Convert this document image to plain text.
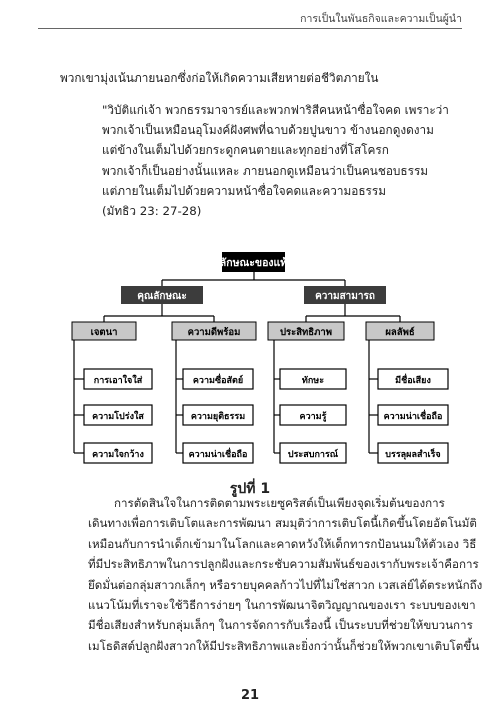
การเป็นในพันธกิจและความเป็นผู้นำ

พวกเขามุ่งเน้นภายนอกซึ่งก่อให้เกิดความเสียหายต่อชีวิตภายใน

"วิบัติแก่เจ้า พวกธรรมาจารย์และพวกฟาริสีคนหน้าซื่อใจคด เพราะว่า
พวกเจ้าเป็นเหมือนอุโมงค์ฝังศพที่ฉาบด้วยปูนขาว ข้างนอกดูงดงาม
แต่ข้างในเต็มไปด้วยกระดูกคนตายและทุกอย่างที่โสโครก
พวกเจ้าก็เป็นอย่างนั้นแหละ ภายนอกดูเหมือนว่าเป็นคนชอบธรรม
แต่ภายในเต็มไปด้วยความหน้าซื่อใจคดและความอธรรม
(มัทธิว 23: 27-28)
ลักษณะของแท้
คุณลักษณะ	ความสามารถ
เจตนา	ความดีพร้อม	ประสิทธิภาพ	ผลลัพธ์
การเอาใจใส่
ความโปร่งใส
ความใจกว้าง
ความซื่อสัตย์
ความยุติธรรม
ความน่าเชื่อถือ
ทักษะ
ความรู้
ประสบการณ์
มีชื่อเสียง
ความน่าเชื่อถือ
บรรลุผลสำเร็จ
รูปที่ 1
การตัดสินใจในการติดตามพระเยซูคริสต์เป็นเพียงจุดเริ่มต้นของการ
เดินทางเพื่อการเติบโตและการพัฒนา สมมุติว่าการเติบโตนี้เกิดขึ้นโดยอัตโนมัติ
เหมือนกับการนำเด็กเข้ามาในโลกและคาดหวังให้เด็กทารกป้อนนมให้ตัวเอง วิธี
ที่มีประสิทธิภาพในการปลูกฝังและกระชับความสัมพันธ์ของเรากับพระเจ้าคือการ
ยึดมั่นต่อกลุ่มสาวกเล็กๆ หรือรายบุคคลก้าวไปที่ไม่ใช่สาวก เวสเล่ย์ได้ตระหนักถึง
แนวโน้มที่เราจะใช้วิธีการง่ายๆ ในการพัฒนาจิตวิญญาณของเรา ระบบของเขา
มีชื่อเสียงสำหรับกลุ่มเล็กๆ ในการจัดการกับเรื่องนี้ เป็นระบบที่ช่วยให้ขบวนการ
เมโธดิสต์ปลูกฝังสาวกให้มีประสิทธิภาพและยิ่งกว่านั้นก็ช่วยให้พวกเขาเติบโตขึ้น
21
